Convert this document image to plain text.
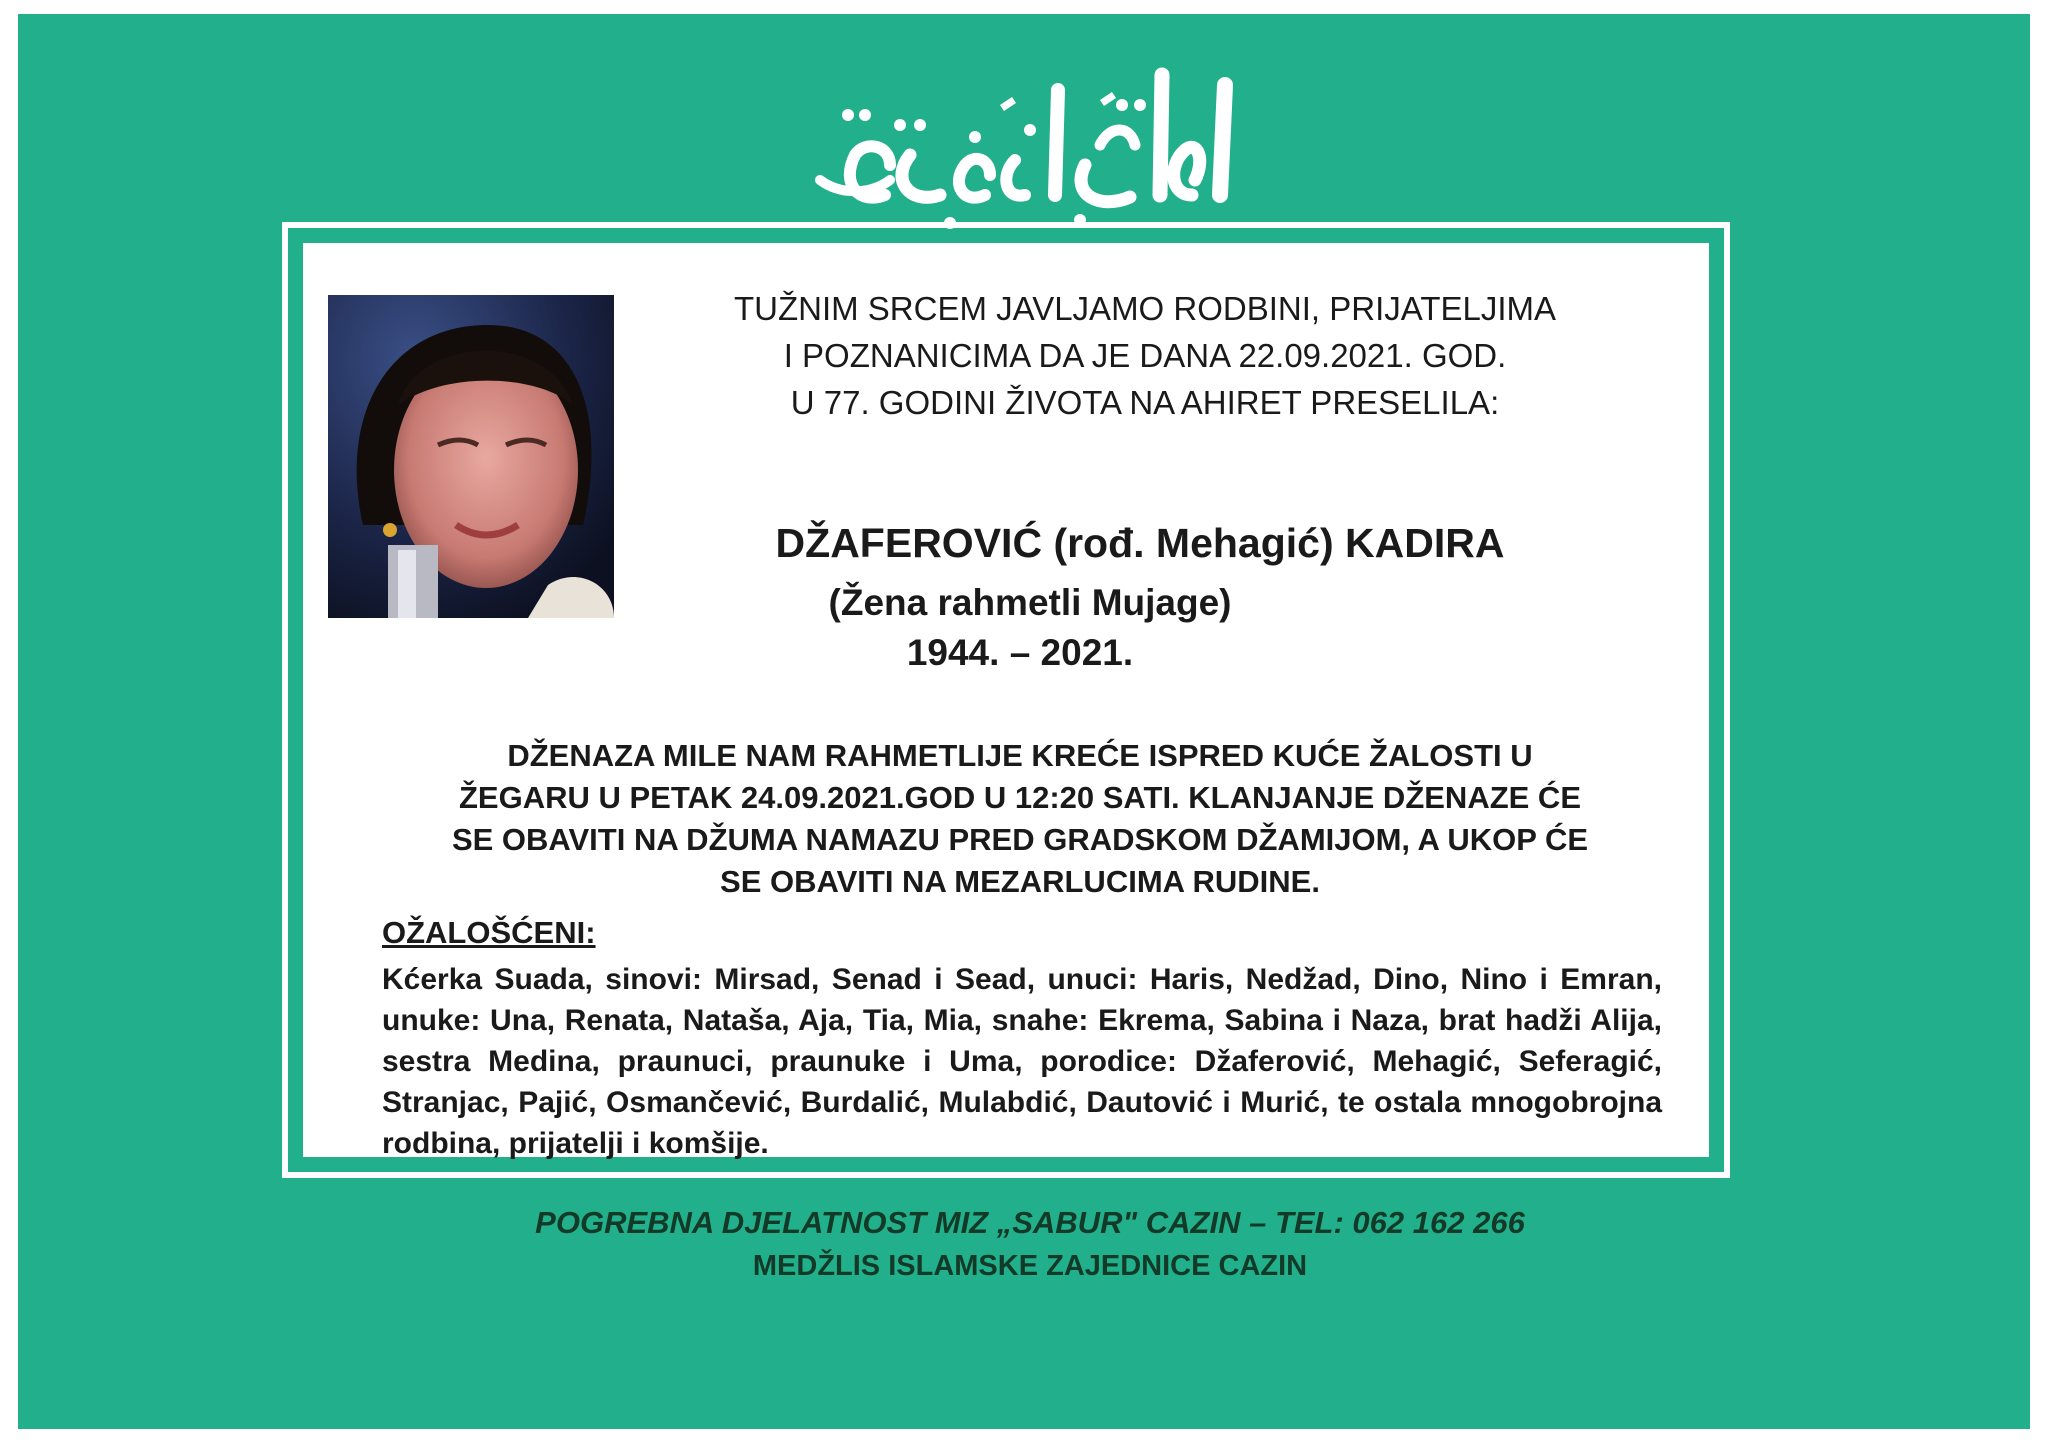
TUŽNIM SRCEM JAVLJAMO RODBINI, PRIJATELJIMA
I POZNANICIMA DA JE DANA 22.09.2021. GOD.
U 77. GODINI ŽIVOTA NA AHIRET PRESELILA:
DŽAFEROVIĆ (rođ. Mehagić) KADIRA
(Žena rahmetli Mujage)
1944. – 2021.
DŽENAZA MILE NAM RAHMETLIJE KREĆE ISPRED KUĆE ŽALOSTI U
ŽEGARU U PETAK 24.09.2021.GOD U 12:20 SATI. KLANJANJE DŽENAZE ĆE
SE OBAVITI NA DŽUMA NAMAZU PRED GRADSKOM DŽAMIJOM, A UKOP ĆE
SE OBAVITI NA MEZARLUCIMA RUDINE.
OŽALOŠĆENI:

Kćerka Suada, sinovi: Mirsad, Senad i Sead, unuci: Haris, Nedžad, Dino, Nino i Emran, unuke: Una, Renata, Nataša, Aja, Tia, Mia, snahe: Ekrema, Sabina i Naza, brat hadži Alija, sestra Medina, praunuci, praunuke i Uma, porodice: Džaferović, Mehagić, Seferagić, Stranjac, Pajić, Osmančević, Burdalić, Mulabdić, Dautović i Murić, te ostala mnogobrojna rodbina, prijatelji i komšije.

POGREBNA DJELATNOST MIZ „SABUR" CAZIN – TEL: 062 162 266
MEDŽLIS ISLAMSKE ZAJEDNICE CAZIN
